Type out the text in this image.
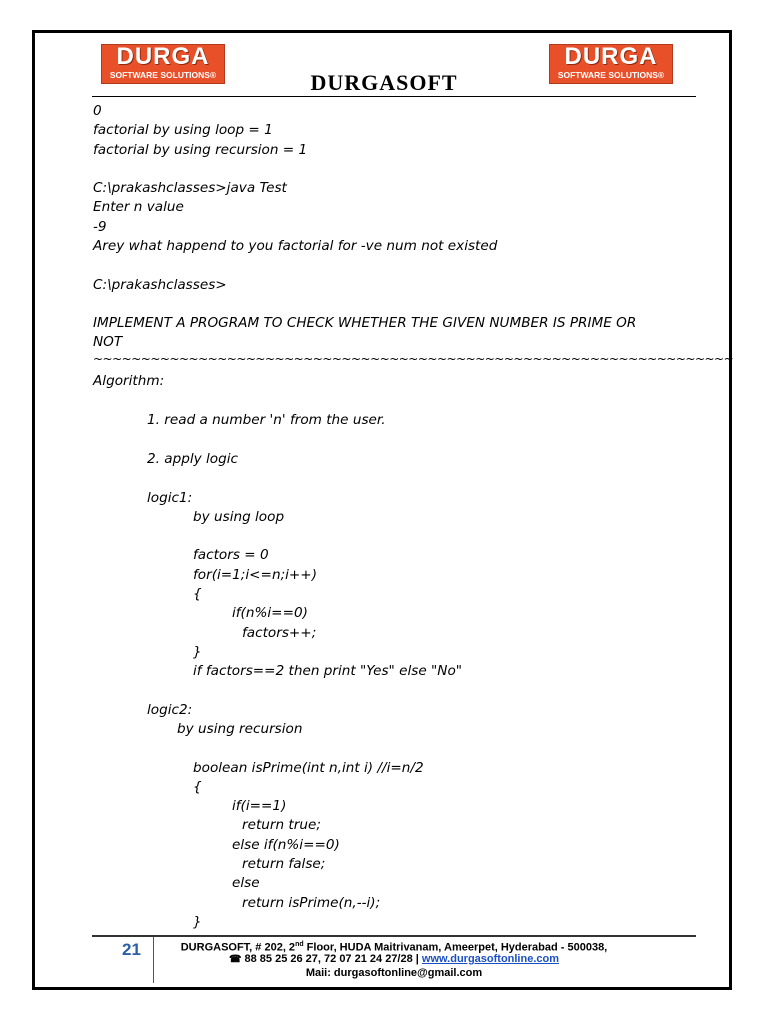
DURGA
SOFTWARE SOLUTIONS®
DURGA
SOFTWARE SOLUTIONS®
DURGASOFT
0
factorial by using loop = 1
factorial by using recursion = 1
C:\prakashclasses>java Test
Enter n value
-9
Arey what happend to you factorial for -ve num not existed
C:\prakashclasses>
IMPLEMENT A PROGRAM TO CHECK WHETHER THE GIVEN NUMBER IS PRIME OR
NOT
~~~~~~~~~~~~~~~~~~~~~~~~~~~~~~~~~~~~~~~~~~~~~~~~~~~~~~~~~~~~~~~~~~~
Algorithm:
1. read a number 'n' from the user.
2. apply logic
logic1:
by using loop
factors = 0
for(i=1;i<=n;i++)
{
if(n%i==0)
factors++;
}
if factors==2 then print "Yes" else "No"
logic2:
by using recursion
boolean isPrime(int n,int i) //i=n/2
{
if(i==1)
return true;
else if(n%i==0)
return false;
else
return isPrime(n,--i);
}
21	DURGASOFT, # 202, 2nd Floor, HUDA Maitrivanam, Ameerpet, Hyderabad - 500038,
☎ 88 85 25 26 27, 72 07 21 24 27/28 | www.durgasoftonline.com
Maii: durgasoftonline@gmail.com
